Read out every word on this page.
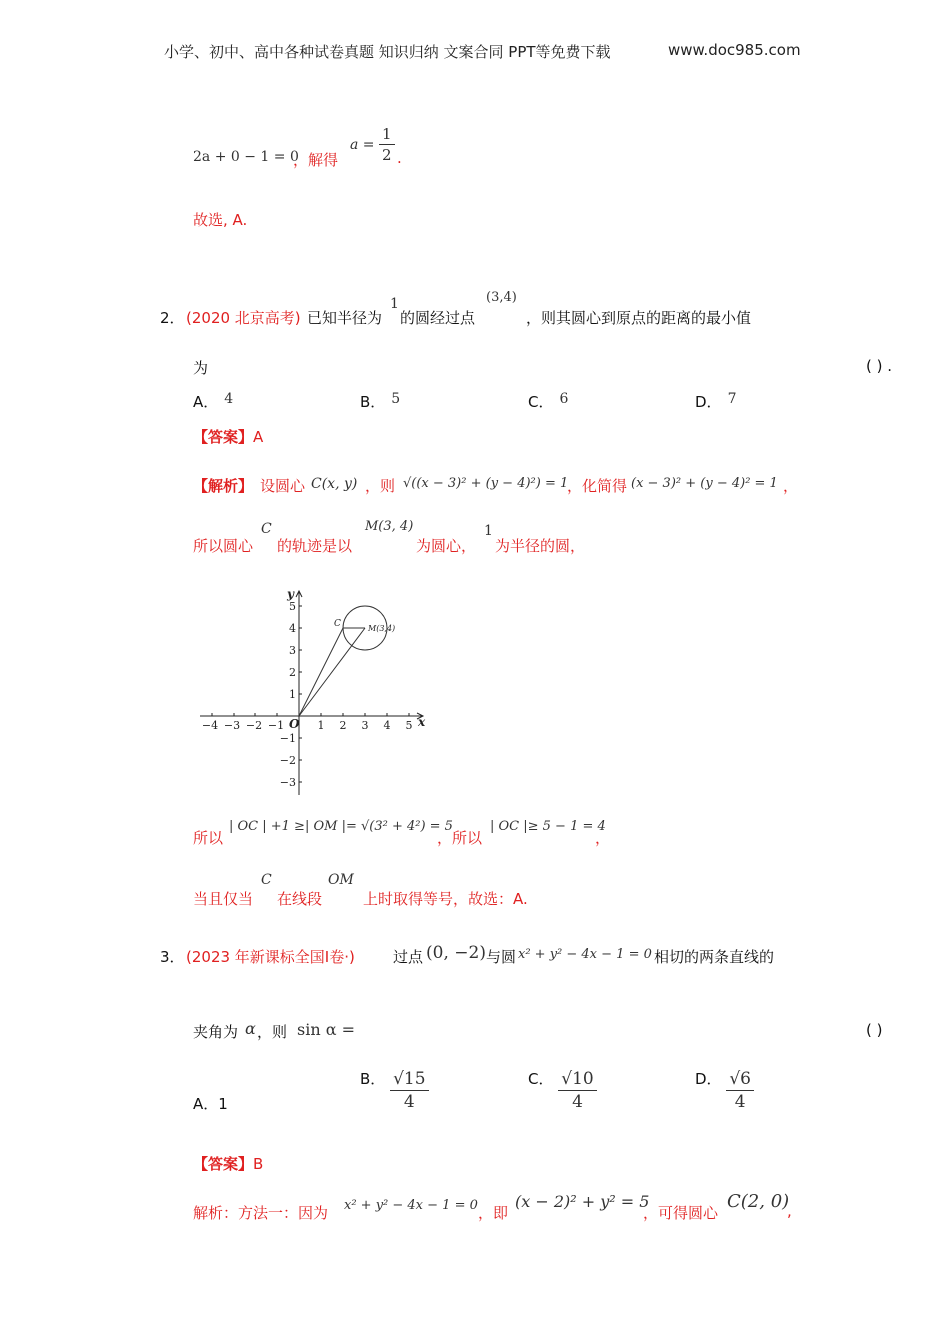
小学、初中、高中各种试卷真题 知识归纳 文案合同 PPT等免费下载	www.doc985.com
2a + 0 − 1 = 0
，解得
$a = \frac{1}{2}$ .
故选, A.
2． (2020 北京高考) 已知半径为
1
的圆经过点
(3,4)
，则其圆心到原点的距离的最小值
为	( ) .
A． 4	B． 5	C． 6	D． 7
【答案】A
【解析】 设圆心 C(x, y) ，则 √((x − 3)² + (y − 4)²) = 1
，化简得 (x − 3)² + (y − 4)² = 1 ，
所以圆心
C
的轨迹是以
M(3, 4)
为圆心，
1
为半径的圆，
−4 −3 −2 −1	1 2 3 4 5
5
4
3
2
1
−1
−2
−3
x
y
O
C	M(3,4)
所以
| OC | +1 ≥| OM |= √(3² + 4²) = 5
，所以
| OC |≥ 5 − 1 = 4
，
当且仅当
C
在线段
OM
上时取得等号，故选：A.
3． (2023 年新课标全国Ⅰ卷·)	过点 (0, −2) 与圆 x² + y² − 4x − 1 = 0 相切的两条直线的
夹角为 α ，则 sin α =	( )
A．1
B． $\frac{√15}{4}$	C． $\frac{√10}{4}$	D． $\frac{√6}{4}$
【答案】B
解析：方法一：因为 x² + y² − 4x − 1 = 0 ，即
(x − 2)² + y² = 5
，可得圆心
C(2, 0)
,
